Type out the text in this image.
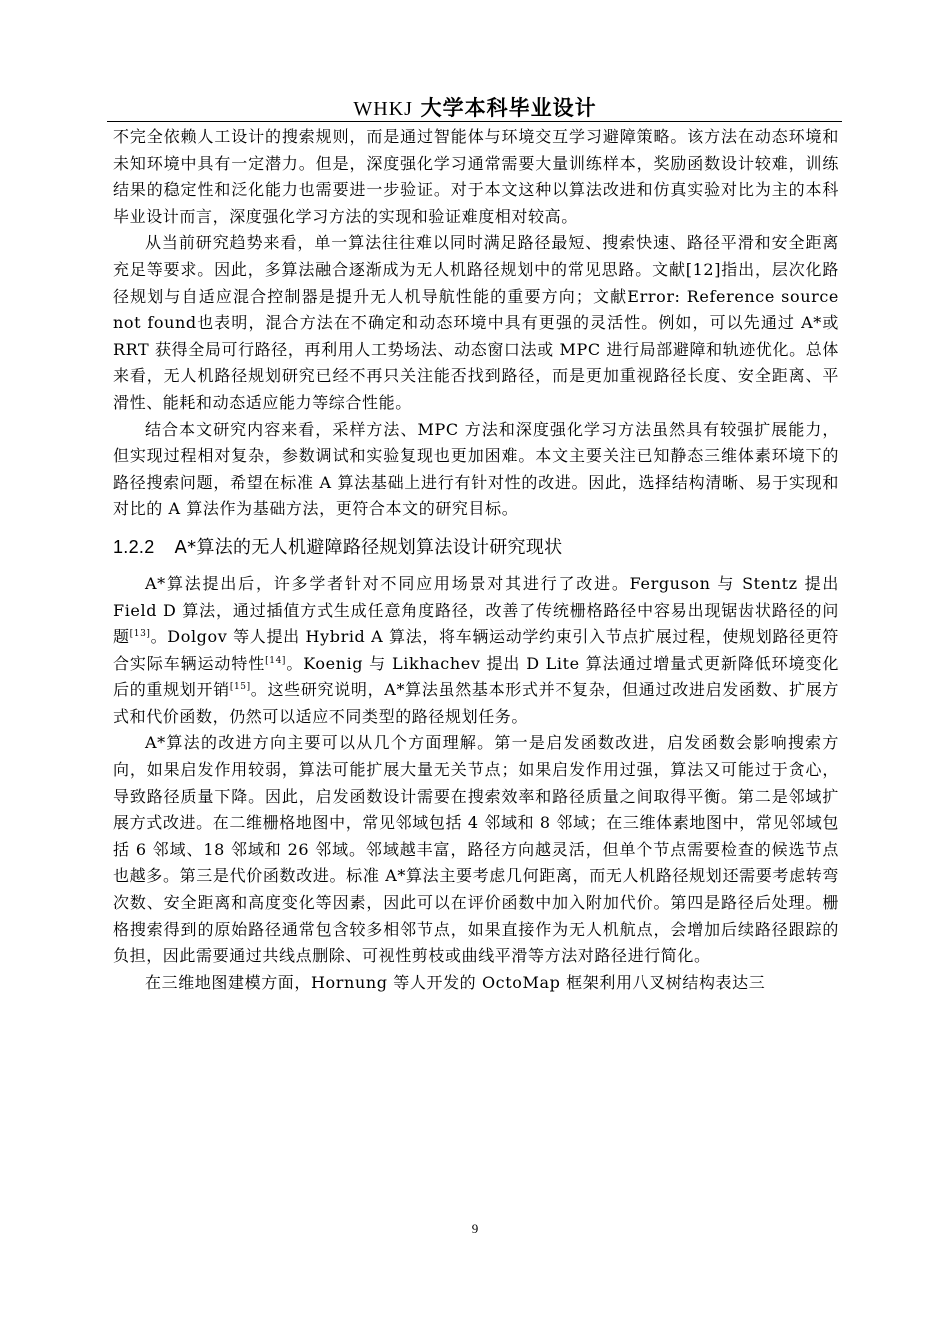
WHKJ 大学本科毕业设计

不完全依赖人工设计的搜索规则，而是通过智能体与环境交互学习避障策略。该方法在动态环境和未知环境中具有一定潜力。但是，深度强化学习通常需要大量训练样本，奖励函数设计较难，训练结果的稳定性和泛化能力也需要进一步验证。对于本文这种以算法改进和仿真实验对比为主的本科毕业设计而言，深度强化学习方法的实现和验证难度相对较高。

从当前研究趋势来看，单一算法往往难以同时满足路径最短、搜索快速、路径平滑和安全距离充足等要求。因此，多算法融合逐渐成为无人机路径规划中的常见思路。文献[12]指出，层次化路径规划与自适应混合控制器是提升无人机导航性能的重要方向；文献Error: Reference source not found也表明，混合方法在不确定和动态环境中具有更强的灵活性。例如，可以先通过 A*或 RRT 获得全局可行路径，再利用人工势场法、动态窗口法或 MPC 进行局部避障和轨迹优化。总体来看，无人机路径规划研究已经不再只关注能否找到路径，而是更加重视路径长度、安全距离、平滑性、能耗和动态适应能力等综合性能。

结合本文研究内容来看，采样方法、MPC 方法和深度强化学习方法虽然具有较强扩展能力，但实现过程相对复杂，参数调试和实验复现也更加困难。本文主要关注已知静态三维体素环境下的路径搜索问题，希望在标准 A 算法基础上进行有针对性的改进。因此，选择结构清晰、易于实现和对比的 A 算法作为基础方法，更符合本文的研究目标。

1.2.2 A*算法的无人机避障路径规划算法设计研究现状

A*算法提出后，许多学者针对不同应用场景对其进行了改进。Ferguson 与 Stentz 提出 Field D 算法，通过插值方式生成任意角度路径，改善了传统栅格路径中容易出现锯齿状路径的问题[13]。Dolgov 等人提出 Hybrid A 算法，将车辆运动学约束引入节点扩展过程，使规划路径更符合实际车辆运动特性[14]。Koenig 与 Likhachev 提出 D Lite 算法通过增量式更新降低环境变化后的重规划开销[15]。这些研究说明，A*算法虽然基本形式并不复杂，但通过改进启发函数、扩展方式和代价函数，仍然可以适应不同类型的路径规划任务。

A*算法的改进方向主要可以从几个方面理解。第一是启发函数改进，启发函数会影响搜索方向，如果启发作用较弱，算法可能扩展大量无关节点；如果启发作用过强，算法又可能过于贪心，导致路径质量下降。因此，启发函数设计需要在搜索效率和路径质量之间取得平衡。第二是邻域扩展方式改进。在二维栅格地图中，常见邻域包括 4 邻域和 8 邻域；在三维体素地图中，常见邻域包括 6 邻域、18 邻域和 26 邻域。邻域越丰富，路径方向越灵活，但单个节点需要检查的候选节点也越多。第三是代价函数改进。标准 A*算法主要考虑几何距离，而无人机路径规划还需要考虑转弯次数、安全距离和高度变化等因素，因此可以在评价函数中加入附加代价。第四是路径后处理。栅格搜索得到的原始路径通常包含较多相邻节点，如果直接作为无人机航点，会增加后续路径跟踪的负担，因此需要通过共线点删除、可视性剪枝或曲线平滑等方法对路径进行简化。

在三维地图建模方面，Hornung 等人开发的 OctoMap 框架利用八叉树结构表达三

9
